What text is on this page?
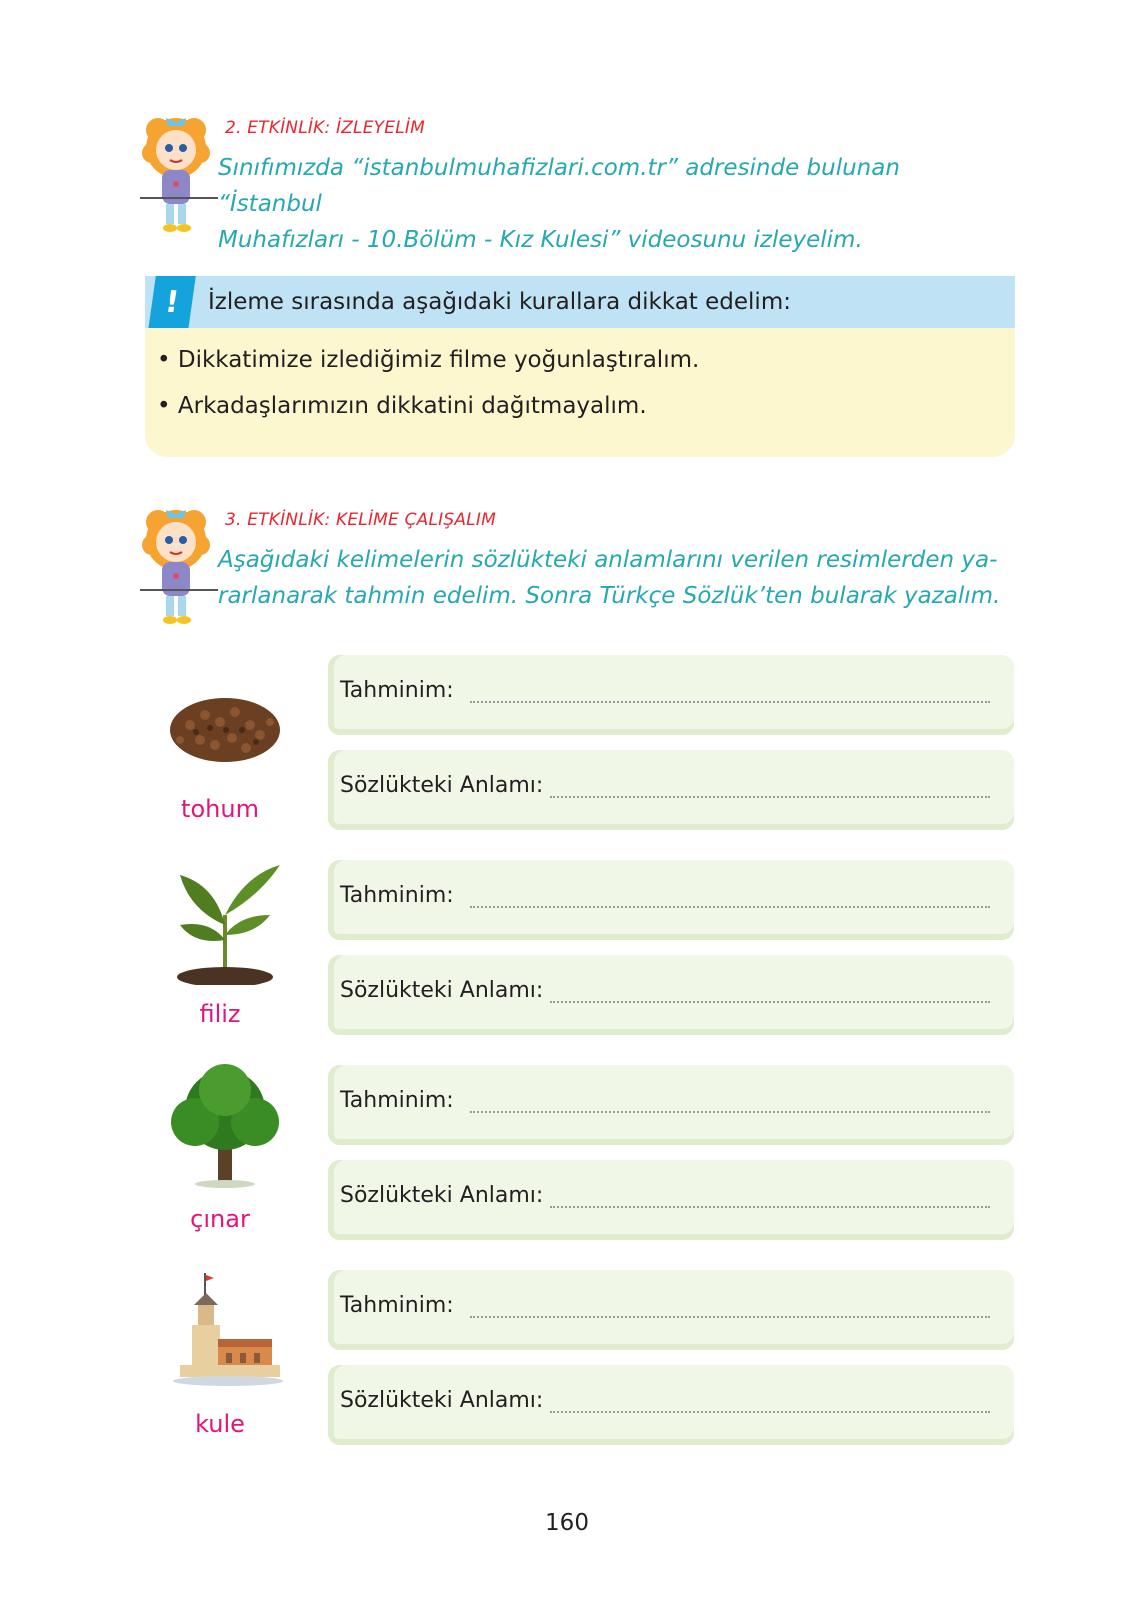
2. ETKİNLİK: İZLEYELİM
Sınıfımızda “istanbulmuhafizlari.com.tr” adresinde bulunan “İstanbul
Muhafızları - 10.Bölüm - Kız Kulesi” videosunu izleyelim.
!	İzleme sırasında aşağıdaki kurallara dikkat edelim:
• Dikkatimize izlediğimiz filme yoğunlaştıralım.
• Arkadaşlarımızın dikkatini dağıtmayalım.
3. ETKİNLİK: KELİME ÇALIŞALIM
Aşağıdaki kelimelerin sözlükteki anlamlarını verilen resimlerden ya-
rarlanarak tahmin edelim. Sonra Türkçe Sözlük’ten bularak yazalım.
tohum
Tahminim:
Sözlükteki Anlamı:
filiz
Tahminim:
Sözlükteki Anlamı:
çınar
Tahminim:
Sözlükteki Anlamı:
kule
Tahminim:
Sözlükteki Anlamı:
160
